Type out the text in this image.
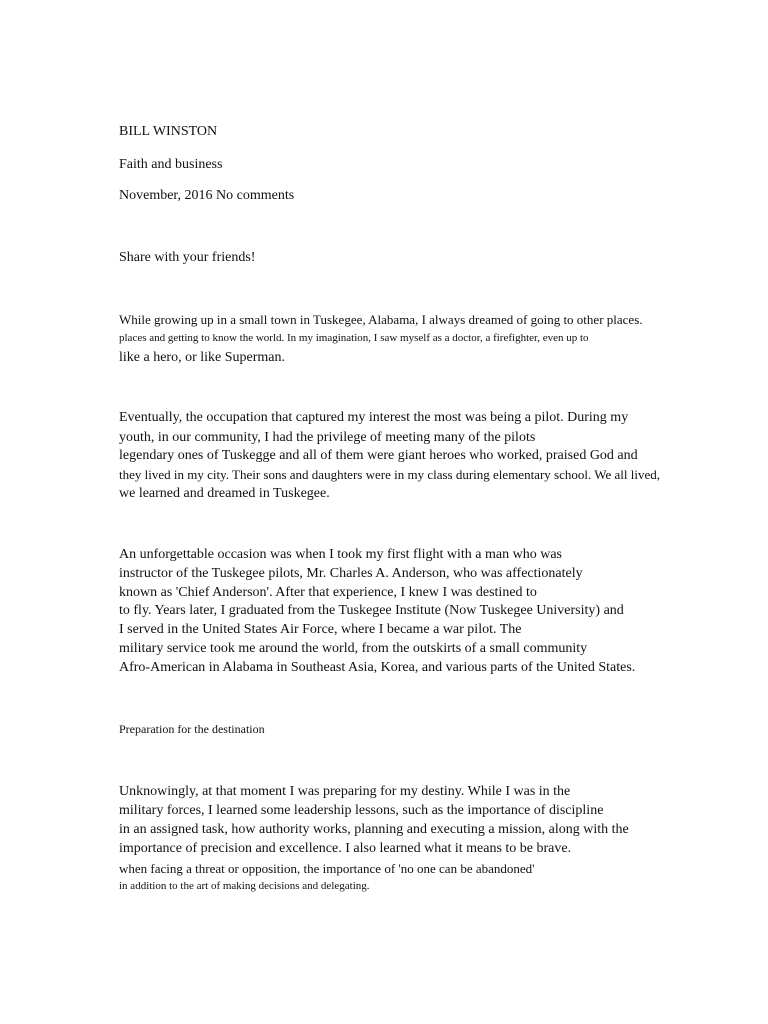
BILL WINSTON
Faith and business
November, 2016 No comments
Share with your friends!
While growing up in a small town in Tuskegee, Alabama, I always dreamed of going to other places.
places and getting to know the world. In my imagination, I saw myself as a doctor, a firefighter, even up to
like a hero, or like Superman.
Eventually, the occupation that captured my interest the most was being a pilot. During my
youth, in our community, I had the privilege of meeting many of the pilots
legendary ones of Tuskegge and all of them were giant heroes who worked, praised God and
they lived in my city. Their sons and daughters were in my class during elementary school. We all lived,
we learned and dreamed in Tuskegee.
An unforgettable occasion was when I took my first flight with a man who was
instructor of the Tuskegee pilots, Mr. Charles A. Anderson, who was affectionately
known as 'Chief Anderson'. After that experience, I knew I was destined to
to fly. Years later, I graduated from the Tuskegee Institute (Now Tuskegee University) and
I served in the United States Air Force, where I became a war pilot. The
military service took me around the world, from the outskirts of a small community
Afro-American in Alabama in Southeast Asia, Korea, and various parts of the United States.
Preparation for the destination
Unknowingly, at that moment I was preparing for my destiny. While I was in the
military forces, I learned some leadership lessons, such as the importance of discipline
in an assigned task, how authority works, planning and executing a mission, along with the
importance of precision and excellence. I also learned what it means to be brave.
when facing a threat or opposition, the importance of 'no one can be abandoned'
in addition to the art of making decisions and delegating.
